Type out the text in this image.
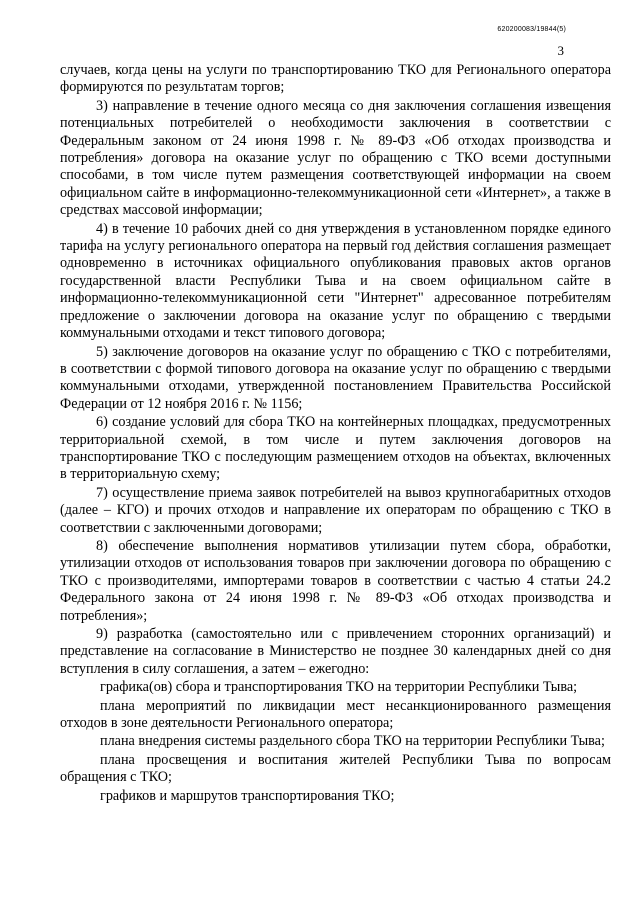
620200083/19844(5)
3

случаев, когда цены на услуги по транспортированию ТКО для Регионального оператора формируются по результатам торгов;

3) направление в течение одного месяца со дня заключения соглашения извещения потенциальных потребителей о необходимости заключения в соответствии с Федеральным законом от 24 июня 1998 г. № 89-ФЗ «Об отходах производства и потребления» договора на оказание услуг по обращению с ТКО всеми доступными способами, в том числе путем размещения соответствующей информации на своем официальном сайте в информационно-телекоммуникационной сети «Интернет», а также в средствах массовой информации;

4) в течение 10 рабочих дней со дня утверждения в установленном порядке единого тарифа на услугу регионального оператора на первый год действия соглашения размещает одновременно в источниках официального опубликования правовых актов органов государственной власти Республики Тыва и на своем официальном сайте в информационно-телекоммуникационной сети "Интернет" адресованное потребителям предложение о заключении договора на оказание услуг по обращению с твердыми коммунальными отходами и текст типового договора;

5) заключение договоров на оказание услуг по обращению с ТКО с потребителями, в соответствии с формой типового договора на оказание услуг по обращению с твердыми коммунальными отходами, утвержденной постановлением Правительства Российской Федерации от 12 ноября 2016 г. № 1156;

6) создание условий для сбора ТКО на контейнерных площадках, предусмотренных территориальной схемой, в том числе и путем заключения договоров на транспортирование ТКО с последующим размещением отходов на объектах, включенных в территориальную схему;

7) осуществление приема заявок потребителей на вывоз крупногабаритных отходов (далее – КГО) и прочих отходов и направление их операторам по обращению с ТКО в соответствии с заключенными договорами;

8) обеспечение выполнения нормативов утилизации путем сбора, обработки, утилизации отходов от использования товаров при заключении договора по обращению с ТКО с производителями, импортерами товаров в соответствии с частью 4 статьи 24.2 Федерального закона от 24 июня 1998 г. № 89-ФЗ «Об отходах производства и потребления»;

9) разработка (самостоятельно или с привлечением сторонних организаций) и представление на согласование в Министерство не позднее 30 календарных дней со дня вступления в силу соглашения, а затем – ежегодно:

графика(ов) сбора и транспортирования ТКО на территории Республики Тыва;

плана мероприятий по ликвидации мест несанкционированного размещения отходов в зоне деятельности Регионального оператора;

плана внедрения системы раздельного сбора ТКО на территории Республики Тыва;

плана просвещения и воспитания жителей Республики Тыва по вопросам обращения с ТКО;

графиков и маршрутов транспортирования ТКО;
